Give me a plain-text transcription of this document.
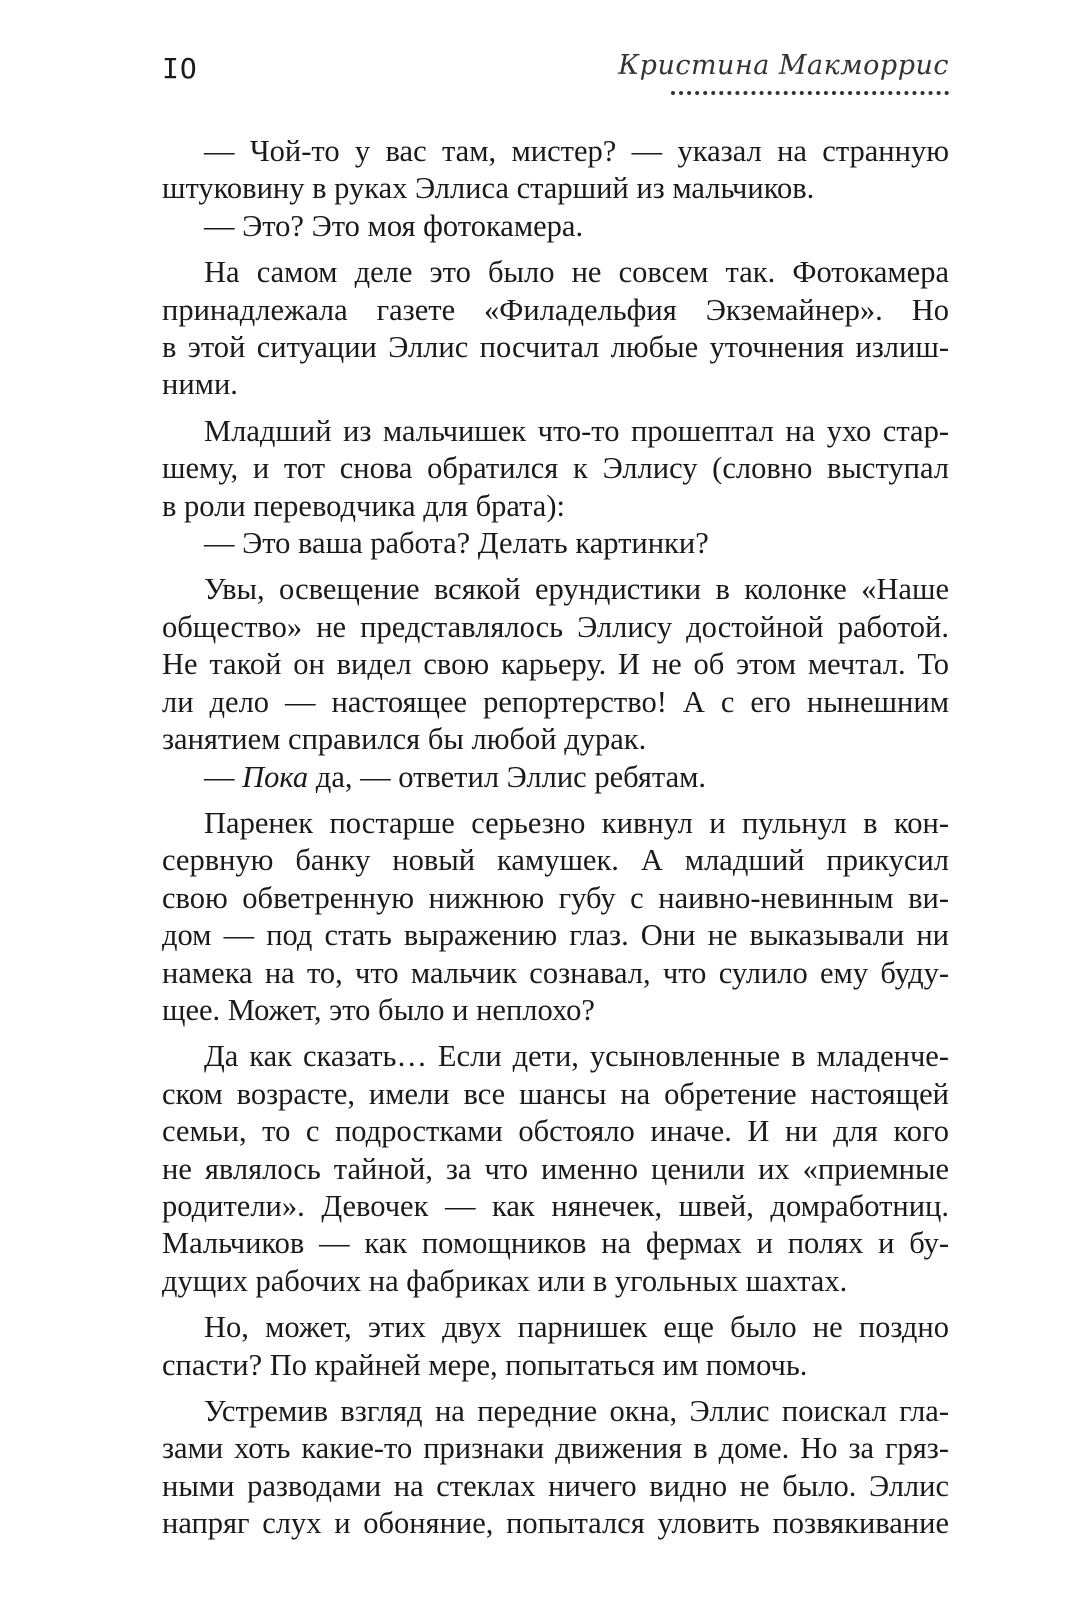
IO	Кристина Макморрис

— Чой-то у вас там, мистер? — указал на странную
штуковину в руках Эллиса старший из мальчиков.

— Это? Это моя фотокамера.

На самом деле это было не совсем так. Фотокамера
принадлежала газете «Филадельфия Экземайнер». Но
в этой ситуации Эллис посчитал любые уточнения излиш-
ними.

Младший из мальчишек что-то прошептал на ухо стар-
шему, и тот снова обратился к Эллису (словно выступал
в роли переводчика для брата):

— Это ваша работа? Делать картинки?

Увы, освещение всякой ерундистики в колонке «Наше
общество» не представлялось Эллису достойной работой.
Не такой он видел свою карьеру. И не об этом мечтал. То
ли дело — настоящее репортерство! А с его нынешним
занятием справился бы любой дурак.

— Пока да, — ответил Эллис ребятам.

Паренек постарше серьезно кивнул и пульнул в кон-
сервную банку новый камушек. А младший прикусил
свою обветренную нижнюю губу с наивно-невинным ви-
дом — под стать выражению глаз. Они не выказывали ни
намека на то, что мальчик сознавал, что сулило ему буду-
щее. Может, это было и неплохо?

Да как сказать… Если дети, усыновленные в младенче-
ском возрасте, имели все шансы на обретение настоящей
семьи, то с подростками обстояло иначе. И ни для кого
не являлось тайной, за что именно ценили их «приемные
родители». Девочек — как нянечек, швей, домработниц.
Мальчиков — как помощников на фермах и полях и бу-
дущих рабочих на фабриках или в угольных шахтах.

Но, может, этих двух парнишек еще было не поздно
спасти? По крайней мере, попытаться им помочь.

Устремив взгляд на передние окна, Эллис поискал гла-
зами хоть какие-то признаки движения в доме. Но за гряз-
ными разводами на стеклах ничего видно не было. Эллис
напряг слух и обоняние, попытался уловить позвякивание
